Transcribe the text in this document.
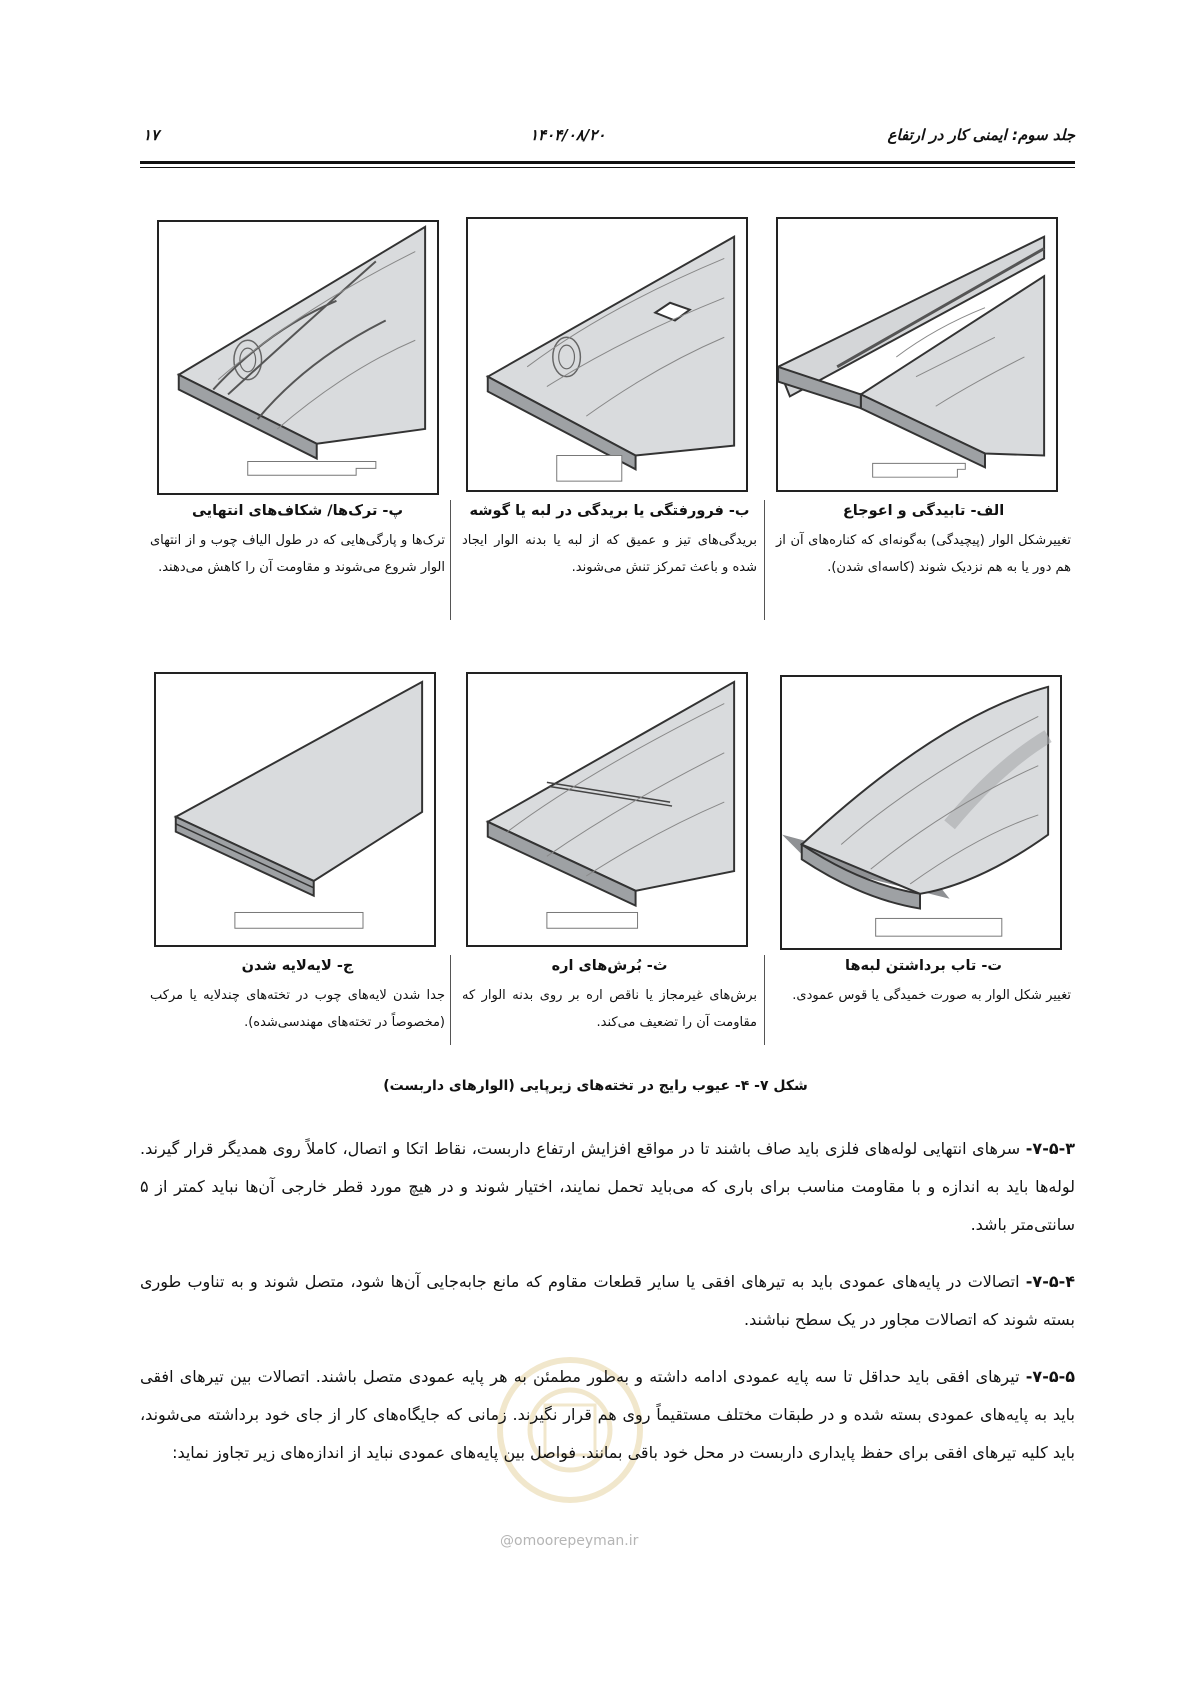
جلد سوم: ایمنی کار در ارتفاع
۱۴۰۴/۰۸/۲۰
۱۷
الف- تابیدگی و اعوجاع
تغییرشکل الوار (پیچیدگی) به‌گونه‌ای که کناره‌های آن از هم دور یا به هم نزدیک شوند (کاسه‌ای شدن).
ب- فرورفتگی یا بریدگی در لبه یا گوشه
بریدگی‌های تیز و عمیق که از لبه یا بدنه الوار ایجاد شده و باعث تمرکز تنش می‌شوند.
پ- ترک‌ها/ شکاف‌های انتهایی
ترک‌ها و پارگی‌هایی که در طول الیاف چوب و از انتهای الوار شروع می‌شوند و مقاومت آن را کاهش می‌دهند.
ت- تاب برداشتن لبه‌ها
تغییر شکل الوار به صورت خمیدگی یا قوس عمودی.
ث- بُرش‌های اره
برش‌های غیرمجاز یا ناقص اره بر روی بدنه الوار که مقاومت آن را تضعیف می‌کند.
ج- لایه‌لایه شدن
جدا شدن لایه‌های چوب در تخته‌های چندلایه یا مرکب (مخصوصاً در تخته‌های مهندسی‌شده).
شکل ۷- ۴- عیوب رایج در تخته‌های زیرپایی (الوارهای داربست)
۷-۵-۳- سرهای انتهایی لوله‌های فلزی باید صاف باشند تا در مواقع افزایش ارتفاع داربست، نقاط اتکا و اتصال، کاملاً روی همدیگر قرار گیرند. لوله‌ها باید به اندازه و با مقاومت مناسب برای باری که می‌باید تحمل نمایند، اختیار شوند و در هیچ مورد قطر خارجی آن‌ها نباید کمتر از ۵ سانتی‌متر باشد.
۷-۵-۴- اتصالات در پایه‌های عمودی باید به تیرهای افقی یا سایر قطعات مقاوم که مانع جابه‌جایی آن‌ها شود، متصل شوند و به تناوب طوری بسته شوند که اتصالات مجاور در یک سطح نباشند.
۷-۵-۵- تیرهای افقی باید حداقل تا سه پایه عمودی ادامه داشته و به‌طور مطمئن به هر پایه عمودی متصل باشند. اتصالات بین تیرهای افقی باید به پایه‌های عمودی بسته شده و در طبقات مختلف مستقیماً روی هم قرار نگیرند. زمانی که جایگاه‌های کار از جای خود برداشته می‌شوند، باید کلیه تیرهای افقی برای حفظ پایداری داربست در محل خود باقی بمانند. فواصل بین پایه‌های عمودی نباید از اندازه‌های زیر تجاوز نماید:
@omoorepeyman.ir
